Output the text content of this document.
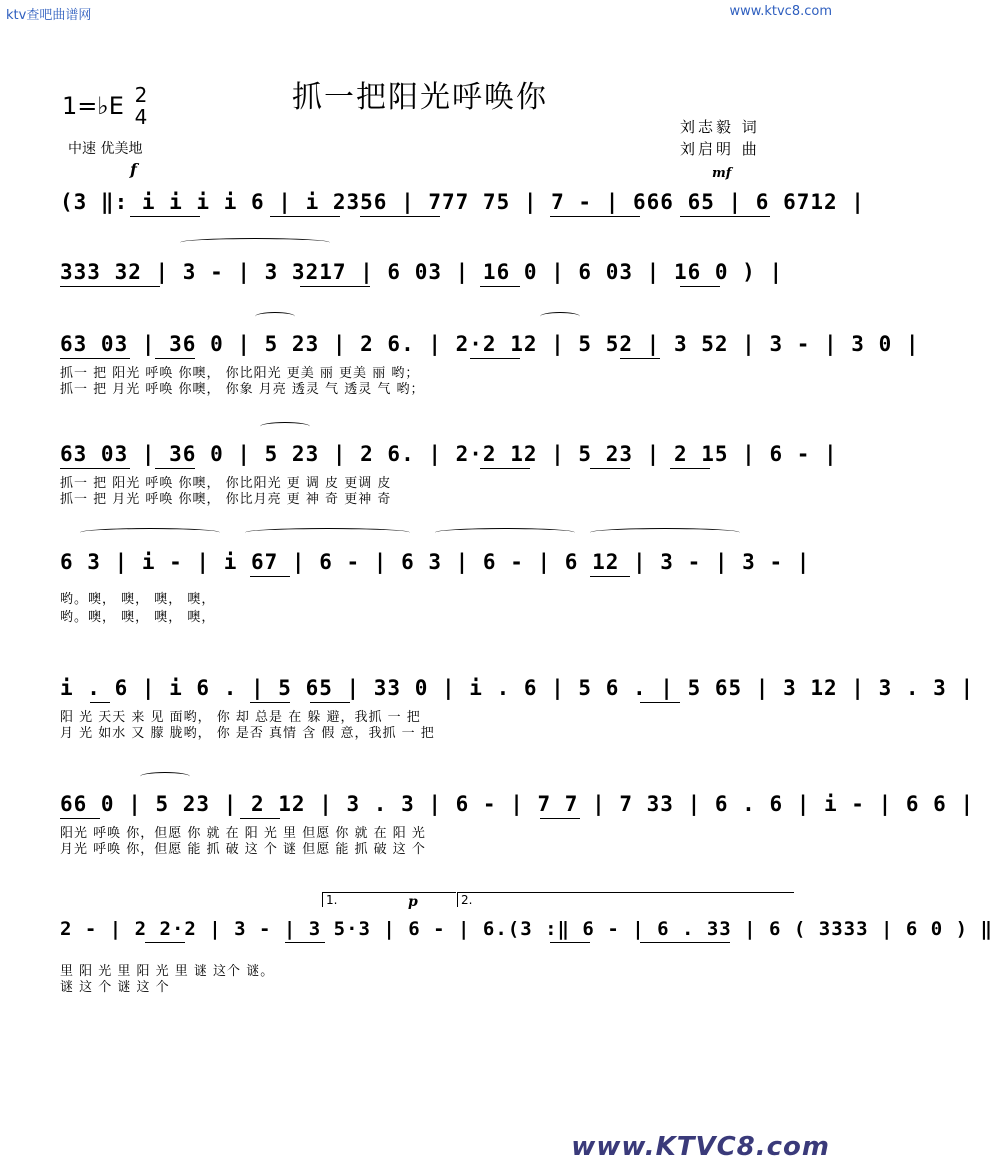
ktv查吧曲谱网	www.ktvc8.com
抓一把阳光呼唤你
1=♭E 2
4
中速 优美地
刘志毅 词
刘启明 曲
f	mf
(3 ‖: i i i i 6 | i 2356 | 777 75 | 7 - | 666 65 | 6 6712 |
333 32 | 3 - | 3 3217 | 6 03 | 16 0 | 6 03 | 16 0 ) |
63 03 | 36 0 | 5 23 | 2 6. | 2·2 12 | 5 52 | 3 52 | 3 - | 3 0 |
抓一 把 阳光 呼唤 你噢， 你比阳光 更美 丽 更美 丽 哟；
抓一 把 月光 呼唤 你噢， 你象 月亮 透灵 气 透灵 气 哟；
63 03 | 36 0 | 5 23 | 2 6. | 2·2 12 | 5 23 | 2 15 | 6 - |
抓一 把 阳光 呼唤 你噢， 你比阳光 更 调 皮 更调 皮
抓一 把 月光 呼唤 你噢， 你比月亮 更 神 奇 更神 奇
6 3 | i - | i 67 | 6 - | 6 3 | 6 - | 6 12 | 3 - | 3 - |
哟。噢， 噢， 噢， 噢，
哟。噢， 噢， 噢， 噢，
i . 6 | i 6 . | 5 65 | 33 0 | i . 6 | 5 6 . | 5 65 | 3 12 | 3 . 3 |
阳 光 天天 来 见 面哟， 你 却 总是 在 躲 避，我抓 一 把
月 光 如水 又 朦 胧哟， 你 是否 真情 含 假 意，我抓 一 把
66 0 | 5 23 | 2 12 | 3 . 3 | 6 - | 7 7 | 7 33 | 6 . 6 | i - | 6 6 |
阳光 呼唤 你，但愿 你 就 在 阳 光 里 但愿 你 就 在 阳 光
月光 呼唤 你，但愿 能 抓 破 这 个 谜 但愿 能 抓 破 这 个
1.	2.
p
2 - | 2 2·2 | 3 - | 3 5·3 | 6 - | 6.(3 :‖ 6 - | 6 . 33 | 6 ( 3333 | 6 0 ) ‖
里 阳 光 里 阳 光 里 谜 这个 谜。
谜 这 个 谜 这 个
www.KTVC8.com
